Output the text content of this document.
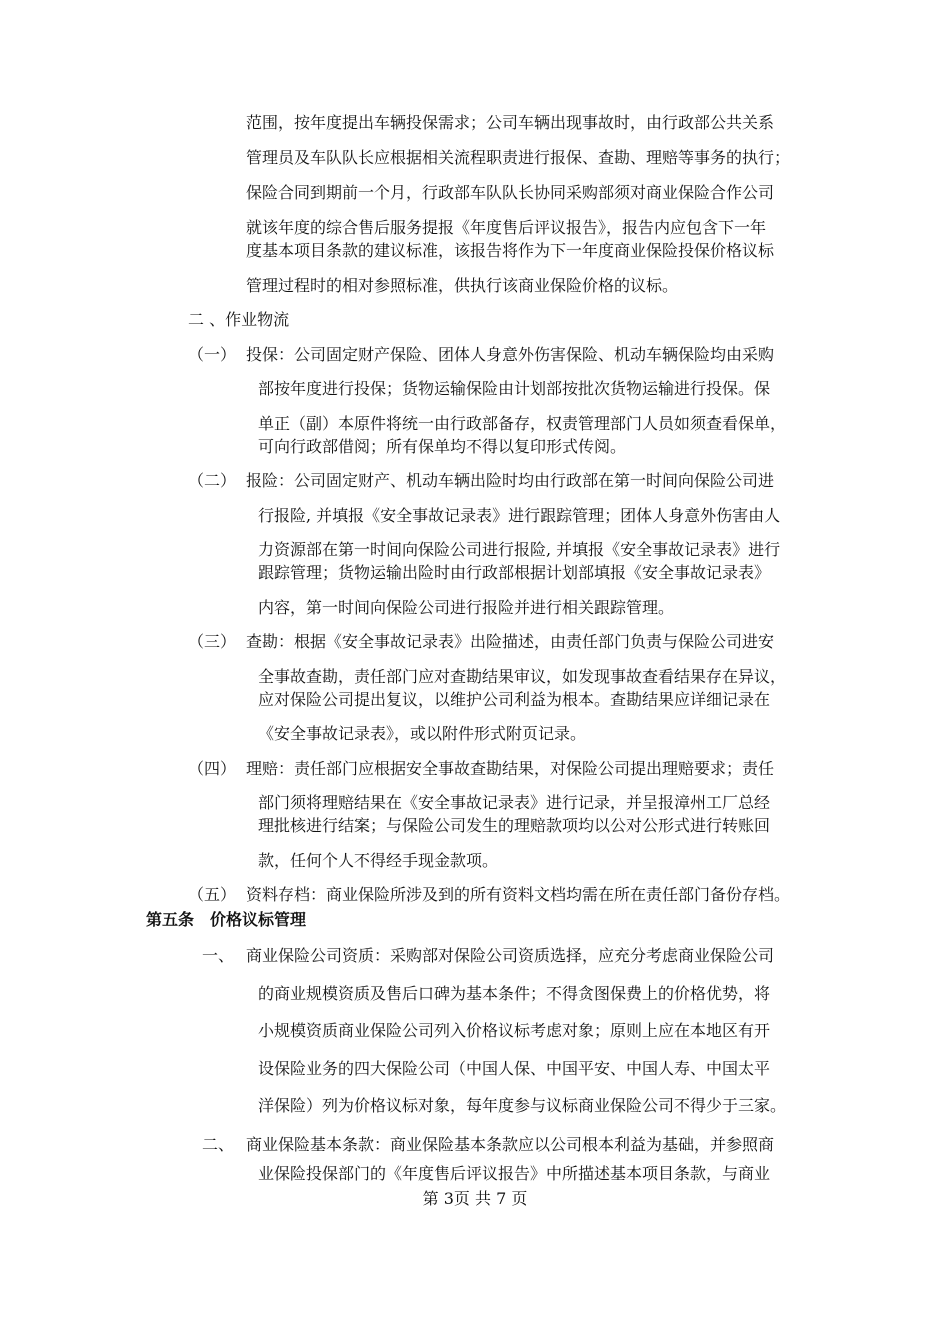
范围，按年度提出车辆投保需求；公司车辆出现事故时，由行政部公共关系
管理员及车队队长应根据相关流程职责进行报保、查勘、理赔等事务的执行；
保险合同到期前一个月，行政部车队队长协同采购部须对商业保险合作公司
就该年度的综合售后服务提报《年度售后评议报告》，报告内应包含下一年
度基本项目条款的建议标准，该报告将作为下一年度商业保险投保价格议标
管理过程时的相对参照标准，供执行该商业保险价格的议标。
二 、作业物流
（一） 投保：公司固定财产保险、团体人身意外伤害保险、机动车辆保险均由采购
部按年度进行投保；货物运输保险由计划部按批次货物运输进行投保。保
单正（副）本原件将统一由行政部备存，权责管理部门人员如须查看保单，
可向行政部借阅；所有保单均不得以复印形式传阅。
（二） 报险：公司固定财产、机动车辆出险时均由行政部在第一时间向保险公司进
行报险, 并填报《安全事故记录表》进行跟踪管理；团体人身意外伤害由人
力资源部在第一时间向保险公司进行报险, 并填报《安全事故记录表》进行
跟踪管理；货物运输出险时由行政部根据计划部填报《安全事故记录表》
内容，第一时间向保险公司进行报险并进行相关跟踪管理。
（三） 查勘：根据《安全事故记录表》出险描述，由责任部门负责与保险公司进安
全事故查勘，责任部门应对查勘结果审议，如发现事故查看结果存在异议，
应对保险公司提出复议，以维护公司利益为根本。查勘结果应详细记录在
《安全事故记录表》，或以附件形式附页记录。
（四） 理赔：责任部门应根据安全事故查勘结果，对保险公司提出理赔要求；责任
部门须将理赔结果在《安全事故记录表》进行记录，并呈报漳州工厂总经
理批核进行结案；与保险公司发生的理赔款项均以公对公形式进行转账回
款，任何个人不得经手现金款项。
（五） 资料存档：商业保险所涉及到的所有资料文档均需在所在责任部门备份存档。
第五条　价格议标管理
一、 商业保险公司资质：采购部对保险公司资质选择，应充分考虑商业保险公司
的商业规模资质及售后口碑为基本条件；不得贪图保费上的价格优势，将
小规模资质商业保险公司列入价格议标考虑对象；原则上应在本地区有开
设保险业务的四大保险公司（中国人保、中国平安、中国人寿、中国太平
洋保险）列为价格议标对象，每年度参与议标商业保险公司不得少于三家。
二、 商业保险基本条款：商业保险基本条款应以公司根本利益为基础，并参照商
业保险投保部门的《年度售后评议报告》中所描述基本项目条款，与商业
第 3页 共 7 页
